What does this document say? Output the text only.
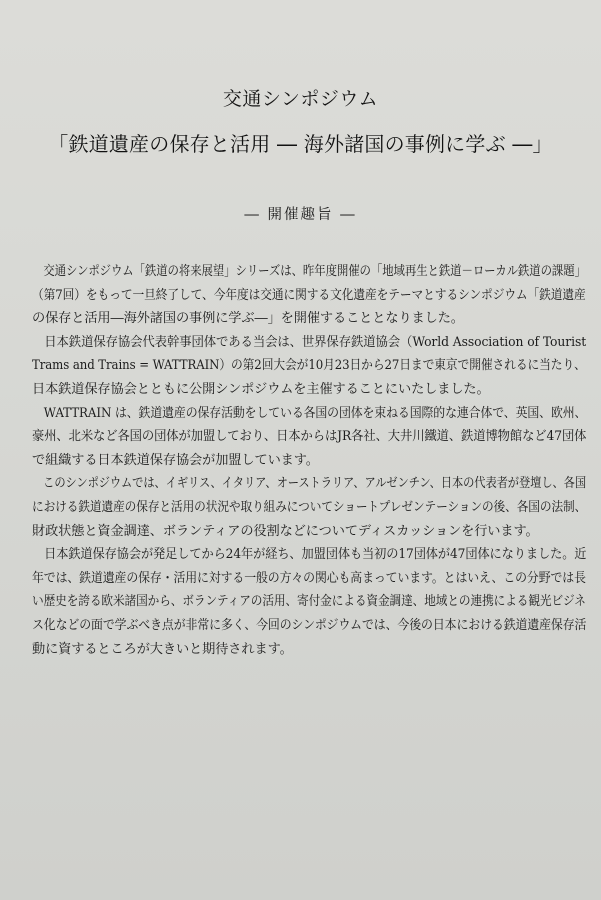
交通シンポジウム
「鉄道遺産の保存と活用 ― 海外諸国の事例に学ぶ ―」
― 開催趣旨 ―
　交通シンポジウム「鉄道の将来展望」シリーズは、昨年度開催の「地域再生と鉄道－ローカル鉄道の課題」
（第7回）をもって一旦終了して、今年度は交通に関する文化遺産をテーマとするシンポジウム「鉄道遺産
の保存と活用―海外諸国の事例に学ぶ―」を開催することとなりました。
　日本鉄道保存協会代表幹事団体である当会は、世界保存鉄道協会（World Association of Tourist
Trams and Trains = WATTRAIN）の第2回大会が10月23日から27日まで東京で開催されるに当たり、
日本鉄道保存協会とともに公開シンポジウムを主催することにいたしました。
　WATTRAIN は、鉄道遺産の保存活動をしている各国の団体を束ねる国際的な連合体で、英国、欧州、
豪州、北米など各国の団体が加盟しており、日本からはJR各社、大井川鐵道、鉄道博物館など47団体
で組織する日本鉄道保存協会が加盟しています。
　このシンポジウムでは、イギリス、イタリア、オーストラリア、アルゼンチン、日本の代表者が登壇し、各国
における鉄道遺産の保存と活用の状況や取り組みについてショートプレゼンテーションの後、各国の法制、
財政状態と資金調達、ボランティアの役割などについてディスカッションを行います。
　日本鉄道保存協会が発足してから24年が経ち、加盟団体も当初の17団体が47団体になりました。近
年では、鉄道遺産の保存・活用に対する一般の方々の関心も高まっています。とはいえ、この分野では長
い歴史を誇る欧米諸国から、ボランティアの活用、寄付金による資金調達、地域との連携による観光ビジネ
ス化などの面で学ぶべき点が非常に多く、今回のシンポジウムでは、今後の日本における鉄道遺産保存活
動に資するところが大きいと期待されます。
